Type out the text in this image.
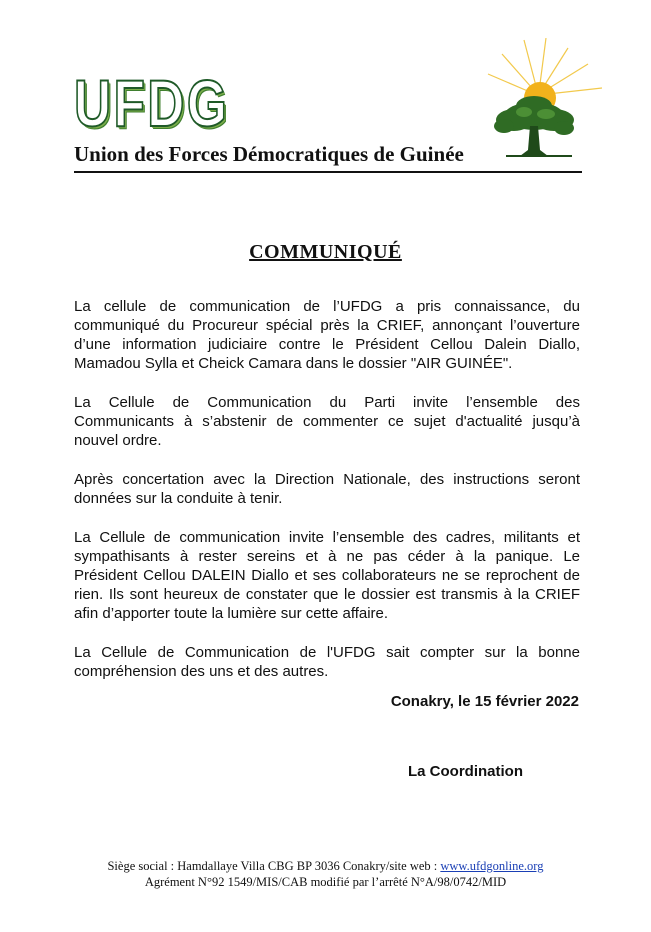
UFDG
Union des Forces Démocratiques de Guinée
COMMUNIQUÉ

La cellule de communication de l’UFDG a pris connaissance, du
communiqué du Procureur spécial près la CRIEF, annonçant l’ouverture
d’une information judiciaire contre le Président Cellou Dalein Diallo,
Mamadou Sylla et Cheick Camara dans le dossier "AIR GUINÉE".

La Cellule de Communication du Parti invite l’ensemble des
Communicants à s’abstenir de commenter ce sujet d'actualité jusqu’à
nouvel ordre.

Après concertation avec la Direction Nationale, des instructions seront
données sur la conduite à tenir.

La Cellule de communication invite l’ensemble des cadres, militants et
sympathisants à rester sereins et à ne pas céder à la panique. Le
Président Cellou DALEIN Diallo et ses collaborateurs ne se reprochent de
rien. Ils sont heureux de constater que le dossier est transmis à la CRIEF
afin d’apporter toute la lumière sur cette affaire.

La Cellule de Communication de l'UFDG sait compter sur la bonne
compréhension des uns et des autres.

Conakry, le 15 février 2022
La Coordination
Siège social : Hamdallaye Villa CBG BP 3036 Conakry/site web : www.ufdgonline.org
Agrément N°92 1549/MIS/CAB modifié par l’arrêté N°A/98/0742/MID
